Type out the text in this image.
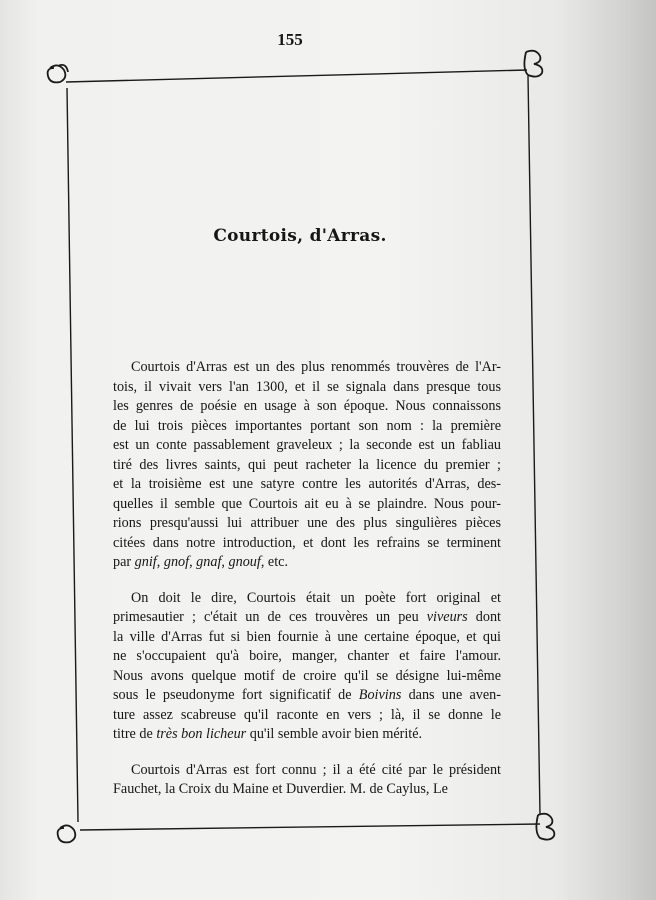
155
Courtois, d'Arras.
Courtois d'Arras est un des plus renommés trouvères de l'Ar-
tois, il vivait vers l'an 1300, et il se signala dans presque tous
les genres de poésie en usage à son époque. Nous connaissons
de lui trois pièces importantes portant son nom : la première
est un conte passablement graveleux ; la seconde est un fabliau
tiré des livres saints, qui peut racheter la licence du premier ;
et la troisième est une satyre contre les autorités d'Arras, des-
quelles il semble que Courtois ait eu à se plaindre. Nous pour-
rions presqu'aussi lui attribuer une des plus singulières pièces
citées dans notre introduction, et dont les refrains se terminent
par gnif, gnof, gnaf, gnouf, etc.
On doit le dire, Courtois était un poète fort original et
primesautier ; c'était un de ces trouvères un peu viveurs dont
la ville d'Arras fut si bien fournie à une certaine époque, et qui
ne s'occupaient qu'à boire, manger, chanter et faire l'amour.
Nous avons quelque motif de croire qu'il se désigne lui-même
sous le pseudonyme fort significatif de Boivins dans une aven-
ture assez scabreuse qu'il raconte en vers ; là, il se donne le
titre de très bon licheur qu'il semble avoir bien mérité.
Courtois d'Arras est fort connu ; il a été cité par le président
Fauchet, la Croix du Maine et Duverdier. M. de Caylus, Le
